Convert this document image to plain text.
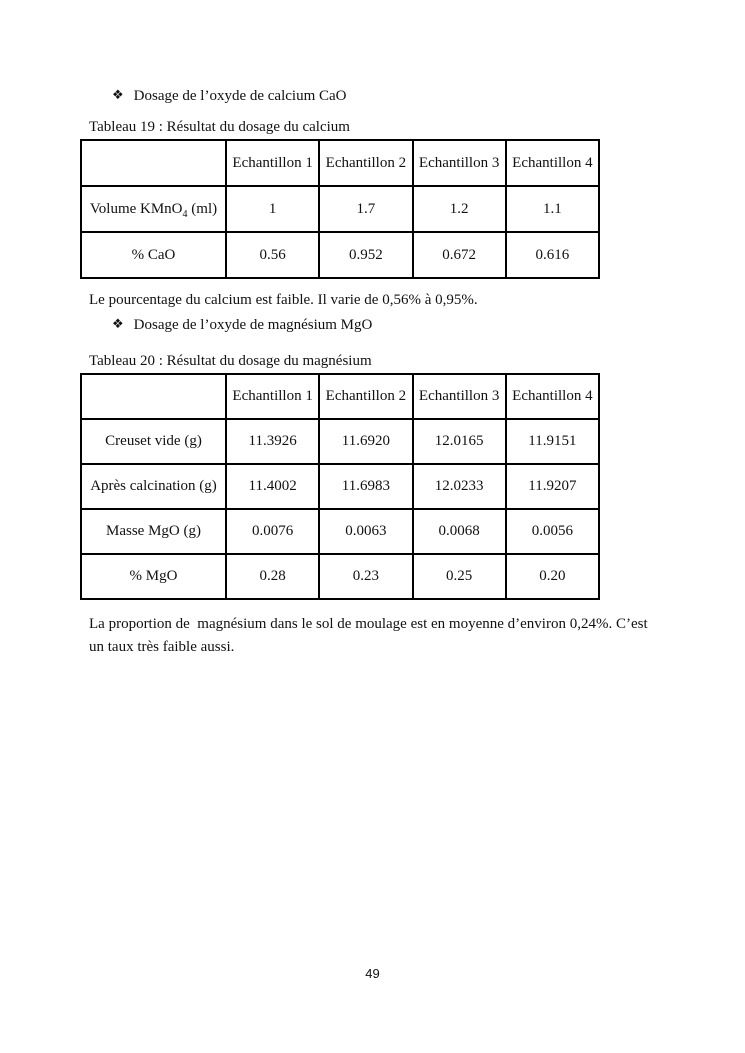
❖ Dosage de l’oxyde de calcium CaO
Tableau 19 : Résultat du dosage du calcium
	Echantillon 1	Echantillon 2	Echantillon 3	Echantillon 4
Volume KMnO$_4$ (ml)	1	1.7	1.2	1.1
% CaO	0.56	0.952	0.672	0.616
Le pourcentage du calcium est faible. Il varie de 0,56% à 0,95%.
❖ Dosage de l’oxyde de magnésium MgO
Tableau 20 : Résultat du dosage du magnésium
	Echantillon 1	Echantillon 2	Echantillon 3	Echantillon 4
Creuset vide (g)	11.3926	11.6920	12.0165	11.9151
Après calcination (g)	11.4002	11.6983	12.0233	11.9207
Masse MgO (g)	0.0076	0.0063	0.0068	0.0056
% MgO	0.28	0.23	0.25	0.20
La proportion de  magnésium dans le sol de moulage est en moyenne d’environ 0,24%. C’est
un taux très faible aussi.
49
